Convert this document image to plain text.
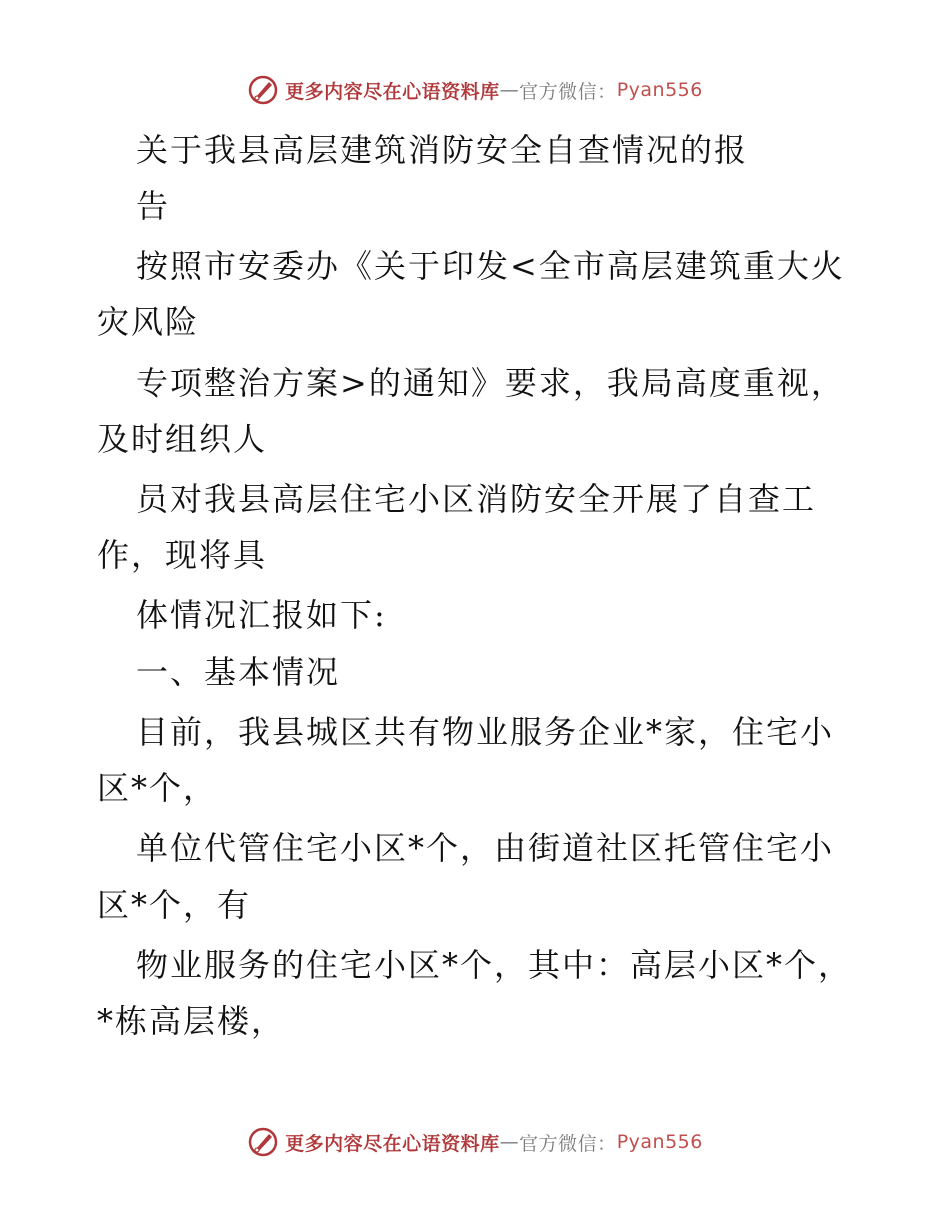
更多内容尽在心语资料库 — 官方微信： Pyan556
关于我县高层建筑消防安全自查情况的报
告
按照市安委办《关于印发<全市高层建筑重大火
灾风险
专项整治方案>的通知》要求，我局高度重视，
及时组织人
员对我县高层住宅小区消防安全开展了自查工
作，现将具
体情况汇报如下:
一、基本情况
目前，我县城区共有物业服务企业*家，住宅小
区*个，
单位代管住宅小区*个，由街道社区托管住宅小
区*个，有
物业服务的住宅小区*个，其中：高层小区*个，
*栋高层楼，
更多内容尽在心语资料库 — 官方微信： Pyan556
